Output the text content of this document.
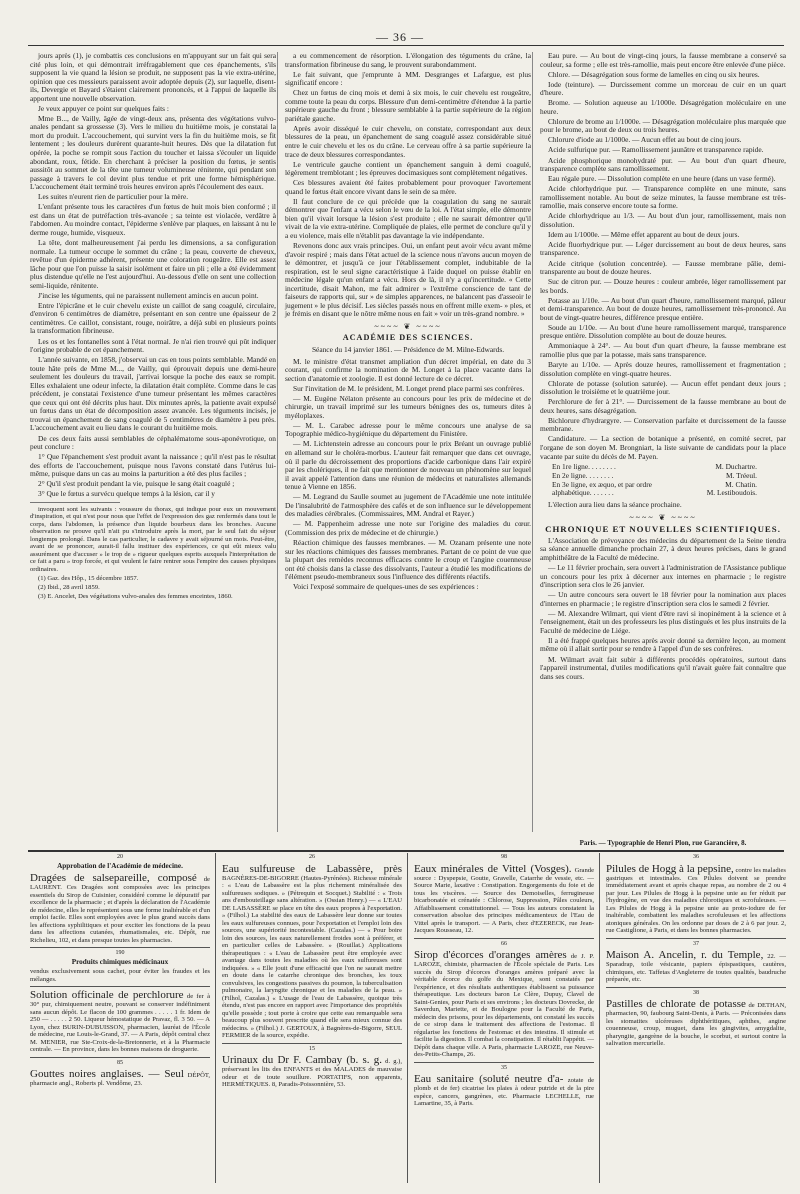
— 36 —

jours après (1), je combattis ces conclusions en m'appuyant sur un fait qui sera cité plus loin, et qui démontrait irréfragablement que ces épanchements, s'ils supposent la vie quand la lésion se produit, ne supposent pas la vie extra-utérine, opinion que ces messieurs paraissent avoir adoptée depuis (2), sur laquelle, disent-ils, Devergie et Bayard s'étaient clairement prononcés, et à l'appui de laquelle ils apportent une nouvelle observation.

Je veux appuyer ce point sur quelques faits :

Mme B..., de Vailly, âgée de vingt-deux ans, présenta des végétations vulvo-anales pendant sa grossesse (3). Vers le milieu du huitième mois, je constatai la mort du produit. L'accouchement, qui survint vers la fin du huitième mois, se fit lentement ; les douleurs durèrent quarante-huit heures. Dès que la dilatation fut opérée, la poche se rompit sous l'action du toucher et laissa s'écouler un liquide abondant, roux, fétide. En cherchant à préciser la position du fœtus, je sentis aussitôt au sommet de la tête une tumeur volumineuse rénitente, qui pendant son passage à travers le col devint plus tendue et prit une forme hémisphérique. L'accouchement était terminé trois heures environ après l'écoulement des eaux.

Les suites n'eurent rien de particulier pour la mère.

L'enfant présente tous les caractères d'un fœtus de huit mois bien conformé ; il est dans un état de putréfaction très-avancée ; sa teinte est violacée, verdâtre à l'abdomen. Au moindre contact, l'épiderme s'enlève par plaques, en laissant à nu le derme rouge, humide, visqueux.

La tête, dont malheureusement j'ai perdu les dimensions, a sa configuration normale. La tumeur occupe le sommet du crâne ; la peau, couverte de cheveux, revêtue d'un épiderme adhérent, présente une coloration rougeâtre. Elle est assez lâche pour que l'on puisse la saisir isolément et faire un pli ; elle a été évidemment plus distendue qu'elle ne l'est aujourd'hui. Au-dessous d'elle on sent une collection semi-liquide, rénitente.

J'incise les téguments, qui ne paraissent nullement amincis en aucun point.

Entre l'épicrâne et le cuir chevelu existe un caillot de sang coagulé, circulaire, d'environ 6 centimètres de diamètre, présentant en son centre une épaisseur de 2 centimètres. Ce caillot, consistant, rouge, noirâtre, a déjà subi en plusieurs points la transformation fibrineuse.

Les os et les fontanelles sont à l'état normal. Je n'ai rien trouvé qui pût indiquer l'origine probable de cet épanchement.

L'année suivante, en 1858, j'observai un cas en tous points semblable. Mandé en toute hâte près de Mme M..., de Vailly, qui éprouvait depuis une demi-heure seulement les douleurs du travail, j'arrivai lorsque la poche des eaux se rompit. Elles exhalaient une odeur infecte, la dilatation était complète. Comme dans le cas précédent, je constatai l'existence d'une tumeur présentant les mêmes caractères que ceux qui ont été décrits plus haut. Dix minutes après, la patiente avait expulsé un fœtus dans un état de décomposition assez avancée. Les téguments incisés, je trouvai un épanchement de sang coagulé de 5 centimètres de diamètre à peu près. L'accouchement avait eu lieu dans le courant du huitième mois.

De ces deux faits aussi semblables de céphalématome sous-aponévrotique, on peut conclure :

1° Que l'épanchement s'est produit avant la naissance ; qu'il n'est pas le résultat des efforts de l'accouchement, puisque nous l'avons constaté dans l'utérus lui-même, puisque dans un cas au moins la parturition a été des plus faciles ;

2° Qu'il s'est produit pendant la vie, puisque le sang était coagulé ;

3° Que le fœtus a survécu quelque temps à la lésion, car il y

invoquent sont les suivants : voussure du thorax, qui indique pour eux un mouvement d'inspiration, et qui n'est pour nous que l'effet de l'expression des gaz renfermés dans tout le corps, dans l'abdomen, la présence d'un liquide bourbeux dans les bronches. Aucune observation ne prouve qu'il n'ait pu s'introduire après la mort, par le seul fait du séjour longtemps prolongé. Dans le cas particulier, le cadavre y avait séjourné un mois. Peut-être, avant de se prononcer, aurait-il fallu instituer des expériences, ce qui eût mieux valu assurément que d'accuser » le trop de » rigueur quelques esprits auxquels l'interprétation de ce fait a paru » trop forcée, et qui veulent le faire rentrer sous l'empire des causes physiques ordinaires.

(1) Gaz. des Hôp., 15 décembre 1857.

(2) Ibid., 28 avril 1859.

(3) E. Ancelet, Des végétations vulvo-anales des femmes enceintes, 1860.

a eu commencement de résorption. L'élongation des téguments du crâne, la transformation fibrineuse du sang, le prouvent surabondamment.

Le fait suivant, que j'emprunte à MM. Desgranges et Lafargue, est plus significatif encore :

Chez un fœtus de cinq mois et demi à six mois, le cuir chevelu est rougeâtre, comme toute la peau du corps. Blessure d'un demi-centimètre d'étendue à la partie supérieure gauche du front ; blessure semblable à la partie supérieure de la région pariétale gauche.

Après avoir disséqué le cuir chevelu, on constate, correspondant aux deux blessures de la peau, un épanchement de sang coagulé assez considérable situé entre le cuir chevelu et les os du crâne. Le cerveau offre à sa partie supérieure la trace de deux blessures correspondantes.

Le ventricule gauche contient un épanchement sanguin à demi coagulé, légèrement tremblotant ; les épreuves docimasiques sont complètement négatives.

Ces blessures avaient été faites probablement pour provoquer l'avortement quand le fœtus était encore vivant dans le sein de sa mère.

Il faut conclure de ce qui précède que la coagulation du sang ne saurait démontrer que l'enfant a vécu selon le vœu de la loi. A l'état simple, elle démontre bien qu'il vivait lorsque la lésion s'est produite ; elle ne saurait démontrer qu'il vivait de la vie extra-utérine. Compliquée de plaies, elle permet de conclure qu'il y a eu violence, mais elle n'établit pas davantage la vie indépendante.

Revenons donc aux vrais principes. Oui, un enfant peut avoir vécu avant même d'avoir respiré ; mais dans l'état actuel de la science nous n'avons aucun moyen de le démontrer, et jusqu'à ce jour l'établissement complet, indubitable de la respiration, est le seul signe caractéristique à l'aide duquel on puisse établir en médecine légale qu'un enfant a vécu. Hors de là, il n'y a qu'incertitude. « Cette incertitude, disait Mahon, me fait admirer » l'extrême conscience de tant de faiseurs de rapports qui, sur » de simples apparences, ne balancent pas d'asseoir le jugement » le plus décisif. Les siècles passés nous en offrent mille exem- » ples, et je frémis en disant que le nôtre même nous en fait » voir un très-grand nombre. »

~~~~ ❦ ~~~~
ACADÉMIE DES SCIENCES.

Séance du 14 janvier 1861. — Présidence de M. Milne-Edwards.

M. le ministre d'état transmet ampliation d'un décret impérial, en date du 3 courant, qui confirme la nomination de M. Longet à la place vacante dans la section d'anatomie et zoologie. Il est donné lecture de ce décret.

Sur l'invitation de M. le président, M. Longet prend place parmi ses confrères.

— M. Eugène Nélaton présente au concours pour les prix de médecine et de chirurgie, un travail imprimé sur les tumeurs bénignes des os, tumeurs dites à myéloplaxes.

— M. L. Carabec adresse pour le même concours une analyse de sa Topographie médico-hygiénique du département du Finistère.

— M. Lichtenstein adresse au concours pour le prix Bréant un ouvrage publié en allemand sur le choléra-morbus. L'auteur fait remarquer que dans cet ouvrage, où il parle du décroissement des proportions d'acide carbonique dans l'air expiré par les cholériques, il ne fait que mentionner de nouveau un phénomène sur lequel il avait appelé l'attention dans une réunion de médecins et naturalistes allemands tenue à Vienne en 1856.

— M. Legrand du Saulle soumet au jugement de l'Académie une note intitulée De l'insalubrité de l'atmosphère des cafés et de son influence sur le développement des maladies cérébrales. (Commissaires, MM. Andral et Rayer.)

— M. Pappenheim adresse une note sur l'origine des maladies du cœur. (Commission des prix de médecine et de chirurgie.)

Réaction chimique des fausses membranes. — M. Ozanam présente une note sur les réactions chimiques des fausses membranes. Partant de ce point de vue que la plupart des remèdes reconnus efficaces contre le croup et l'angine couenneuse ont été choisis dans la classe des dissolvants, l'auteur a étudié les modifications de l'élément pseudo-membraneux sous l'influence des différents réactifs.

Voici l'exposé sommaire de quelques-unes de ses expériences :

Eau pure. — Au bout de vingt-cinq jours, la fausse membrane a conservé sa couleur, sa forme ; elle est très-ramollie, mais peut encore être enlevée d'une pièce.

Chlore. — Désagrégation sous forme de lamelles en cinq ou six heures.

Iode (teinture). — Durcissement comme un morceau de cuir en un quart d'heure.

Brome. — Solution aqueuse au 1/1000e. Désagrégation moléculaire en une heure.

Chlorure de brome au 1/1000e. — Désagrégation moléculaire plus marquée que pour le brome, au bout de deux ou trois heures.

Chlorure d'iode au 1/1000e. — Aucun effet au bout de cinq jours.

Acide sulfurique pur. — Ramollissement jaunâtre et transparence rapide.

Acide phosphorique monohydraté pur. — Au bout d'un quart d'heure, transparence complète sans ramollissement.

Eau régale pure. — Dissolution complète en une heure (dans un vase fermé).

Acide chlorhydrique pur. — Transparence complète en une minute, sans ramollissement notable. Au bout de seize minutes, la fausse membrane est très-ramollie, mais conserve encore toute sa forme.

Acide chlorhydrique au 1/3. — Au bout d'un jour, ramollissement, mais non dissolution.

Idem au 1/1000e. — Même effet apparent au bout de deux jours.

Acide fluorhydrique pur. — Léger durcissement au bout de deux heures, sans transparence.

Acide citrique (solution concentrée). — Fausse membrane pâlie, demi-transparente au bout de douze heures.

Suc de citron pur. — Douze heures : couleur ambrée, léger ramollissement par les bords.

Potasse au 1/10e. — Au bout d'un quart d'heure, ramollissement marqué, pâleur et demi-transparence. Au bout de douze heures, ramollissement très-prononcé. Au bout de vingt-quatre heures, différence presque entière.

Soude au 1/10e. — Au bout d'une heure ramollissement marqué, transparence presque entière. Dissolution complète au bout de douze heures.

Ammoniaque à 24°. — Au bout d'un quart d'heure, la fausse membrane est ramollie plus que par la potasse, mais sans transparence.

Baryte au 1/10e. — Après douze heures, ramollissement et fragmentation ; dissolution complète en vingt-quatre heures.

Chlorate de potasse (solution saturée). — Aucun effet pendant deux jours ; dissolution le troisième et le quatrième jour.

Perchlorure de fer à 21°. — Durcissement de la fausse membrane au bout de deux heures, sans désagrégation.

Bichlorure d'hydrargyre. — Conservation parfaite et durcissement de la fausse membrane.

Candidature. — La section de botanique a présenté, en comité secret, par l'organe de son doyen M. Brongniart, la liste suivante de candidats pour la place vacante par suite du décès de M. Payen.

En 1re ligne. . . . . . . .	M. Duchartre.
En 2e ligne. . . . . . . .	M. Tréeul.
En 3e ligne, ex æquo, et par ordre	M. Chatin.
alphabétique. . . . . . .	M. Lestiboudois.

L'élection aura lieu dans la séance prochaine.

~~~~ ❦ ~~~~
CHRONIQUE ET NOUVELLES SCIENTIFIQUES.

L'Association de prévoyance des médecins du département de la Seine tiendra sa séance annuelle dimanche prochain 27, à deux heures précises, dans le grand amphithéâtre de la Faculté de médecine.

— Le 11 février prochain, sera ouvert à l'administration de l'Assistance publique un concours pour les prix à décerner aux internes en pharmacie ; le registre d'inscription sera clos le 26 janvier.

— Un autre concours sera ouvert le 18 février pour la nomination aux places d'internes en pharmacie ; le registre d'inscription sera clos le samedi 2 février.

— M. Alexandre Wilmart, qui vient d'être ravi si inopinément à la science et à l'enseignement, était un des professeurs les plus distingués et les plus instruits de la Faculté de médecine de Liége.

Il a été frappé quelques heures après avoir donné sa dernière leçon, au moment même où il allait sortir pour se rendre à l'appel d'un de ses confrères.

M. Wilmart avait fait subir à différents procédés opératoires, surtout dans l'appareil instrumental, d'utiles modifications qu'il n'avait guère fait connaître que dans ses cours.

Paris. — Typographie de Henri Plon, rue Garancière, 8.
20
Approbation de l'Académie de médecine.
Dragées de salsepareille, composé de LAURENT. Ces Dragées sont composées avec les principes essentiels du Sirop de Cuisinier, considéré comme le dépuratif par excellence de la pharmacie ; et d'après la déclaration de l'Académie de médecine, elles le représentent sous une forme inaltérable et d'un emploi facile. Elles sont employées avec le plus grand succès dans les affections syphilitiques et pour exciter les fonctions de la peau dans les affections cutanées, rhumatismales, etc. Dépôt, rue Richelieu, 102, et dans presque toutes les pharmacies.
190
Produits chimiques médicinaux
vendus exclusivement sous cachet, pour éviter les fraudes et les mélanges.
Solution officinale de perchlorure de fer à 30° pur, chimiquement neutre, pouvant se conserver indéfiniment sans aucun dépôt. Le flacon de 100 grammes . . . . . 1 fr. Idem de 250 — . . . . . 2 50. Liqueur hémostatique de Pravaz, fl. 3 50. — A Lyon, chez BURIN-DUBUISSON, pharmacien, lauréat de l'École de médecine, rue Louis-le-Grand, 37. — A Paris, dépôt central chez M. MENIER, rue Ste-Croix-de-la-Bretonnerie, et à la Pharmacie centrale. — En province, dans les bonnes maisons de droguerie.
85
Gouttes noires anglaises. — Seul DÉPÔT, pharmacie angl., Roberts pl. Vendôme, 23.
26
Eau sulfureuse de Labassère, près BAGNÈRES-DE-BIGORRE (Hautes-Pyrénées). Richesse minérale : « L'eau de Labassère est la plus richement minéralisée des sulfureuses sodiques. » (Pétrequin et Socquet.) Stabilité : « Trois ans d'embouteillage sans altération. » (Ossian Henry.) — « L'EAU DE LABASSÈRE se place en tête des eaux propres à l'exportation. » (Filhol.) La stabilité des eaux de Labassère leur donne sur toutes les eaux sulfureuses connues, pour l'exportation et l'emploi loin des sources, une supériorité incontestable. (Cazalas.) — « Pour boire loin des sources, les eaux naturellement froides sont à préférer, et en particulier celles de Labassère. » (Rouillat.) Applications thérapeutiques : « L'eau de Labassère peut être employée avec avantage dans toutes les maladies où les eaux sulfureuses sont indiquées. » « Elle jouit d'une efficacité que l'on ne saurait mettre en doute dans le catarrhe chronique des bronches, les toux convulsives, les congestions passives du poumon, la tuberculisation pulmonaire, la laryngite chronique et les maladies de la peau. » (Filhol, Cazalas.) « L'usage de l'eau de Labassère, quoique très étendu, n'est pas encore en rapport avec l'importance des propriétés qu'elle possède ; tout porte à croire que cette eau remarquable sera beaucoup plus souvent prescrite quand elle sera mieux connue des médecins. » (Filhol.) J. GERTOUX, à Bagnères-de-Bigorre, SEUL FERMIER de la source, expédie.
15
Urinaux du Dr F. Cambay (b. s. g. d. g.), préservant les lits des ENFANTS et des MALADES de mauvaise odeur et de toute souillure. PORTATIFS, non apparents, HERMÉTIQUES. 8, Paradis-Poissonnière, 53.
98
Eaux minérales de Vittel (Vosges). Grande source : Dyspepsie, Goutte, Gravelle, Catarrhe de vessie, etc. — Source Marie, laxative : Constipation. Engorgements du foie et de tous les viscères. — Source des Demoiselles, ferrugineuse bicarbonatée et crénatée : Chlorose, Suppression, Pâles couleurs, Affaiblissement constitutionnel. — Tous les auteurs constatent la conservation absolue des principes médicamenteux de l'Eau de Vittel après le transport. — A Paris, chez d'EZERECK, rue Jean-Jacques Rousseau, 12.
66
Sirop d'écorces d'oranges amères de J. P. LAROZE, chimiste, pharmacien de l'École spéciale de Paris. Les succès du Sirop d'écorces d'oranges amères préparé avec la véritable écorce du golfe du Mexique, sont constatés par l'expérience, et des résultats authentiques établissent sa puissance thérapeutique. Les docteurs baron Le Clère, Dupuy, Clavel de Saint-Genies, pour Paris et ses environs ; les docteurs Dovrecke, de Saverdun, Mariette, et de Boulogne pour la Faculté de Paris, médecin des prisons, pour les départements, ont constaté les succès de ce sirop dans le traitement des affections de l'estomac. Il régularise les fonctions de l'estomac et des intestins. Il stimule et facilite la digestion. Il combat la constipation. Il rétablit l'appétit. — Dépôt dans chaque ville. A Paris, pharmacie LAROZE, rue Neuve-des-Petits-Champs, 26.
35
Eau sanitaire (soluté neutre d'a- zotate de plomb et de fer) cicatrise les plaies à odeur putride et de la pire espèce, cancers, gangrènes, etc. Pharmacie LECHELLE, rue Lamartine, 35, à Paris.
36
Pilules de Hogg à la pepsine, contre les maladies gastriques et intestinales. Ces Pilules doivent se prendre immédiatement avant et après chaque repas, au nombre de 2 ou 4 par jour. Les Pilules de Hogg à la pepsine unie au fer réduit par l'hydrogène, en vue des maladies chlorotiques et scrofuleuses. — Les Pilules de Hogg à la pepsine unie au proto-iodure de fer inaltérable, combattent les maladies scrofuleuses et les affections atoniques générales. On les ordonne par doses de 2 à 6 par jour. 2, rue Castiglione, à Paris, et dans les bonnes pharmacies.
37
Maison A. Ancelin, r. du Temple, 22. — Sparadrap, toile vésicante, papiers épispastiques, cautères, chimiques, etc. Taffetas d'Angleterre de toutes qualités, baudruche préparée, etc.
38
Pastilles de chlorate de potasse de DETHAN, pharmacien, 90, faubourg Saint-Denis, à Paris. — Préconisées dans les stomatites ulcéreuses diphthéritiques, aphthes, angine couenneuse, croup, muguet, dans les gingivites, amygdalite, pharyngite, gangrène de la bouche, le scorbut, et surtout contre la salivation mercurielle.
